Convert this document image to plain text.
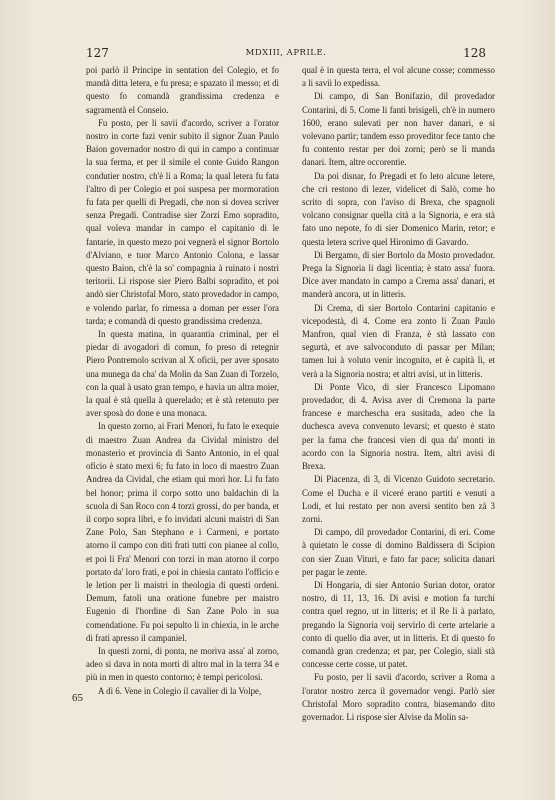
127	MDXIII, APRILE.	128

poi parlò il Principe in sentation del Colegio, et fo mandà ditta letera, e fu presa; e spazato il messo; et di questo fo comandà grandissima credenza e sagramentà el Conseio.

Fu posto, per li savii d'acordo, scriver a l'orator nostro in corte fazi venir subito il signor Zuan Paulo Baion governador nostro di qui in campo a continuar la sua ferma, et per il simile el conte Guido Rangon condutier nostro, ch'è li a Roma; la qual letera fu fata l'altro dì per Colegio et poi suspesa per mormoration fu fata per quelli di Pregadi, che non si dovea scriver senza Pregadi. Contradise sier Zorzi Emo sopradito, qual voleva mandar in campo el capitanio di le fantarie, in questo mezo poi vegnerà el signor Bortolo d'Alviano, e tuor Marco Antonio Colona, e lassar questo Baion, ch'è la so' compagnia à ruinato i nostri teritorii. Li rispose sier Piero Balbi sopradito, et poi andò sier Christofal Moro, stato provedador in campo, e volendo parlar, fo rimessa a doman per esser l'ora tarda; e comandà di questo grandissima credenza.

In questa matina, in quarantia criminal, per el piedar di avogadori di comun, fo preso di retegnir Piero Pontremolo scrivan al X oficii, per aver sposato una munega da cha' da Molin da San Zuan di Torzelo, con la qual à usato gran tempo, e havia un altra moier, la qual è stà quella à querelado; et è stà retenuto per aver sposà do done e una monaca.

In questo zorno, ai Frari Menori, fu fato le exequie di maestro Zuan Andrea da Cividal ministro del monasterio et provincia di Santo Antonio, in el qual oficio è stato mexi 6; fu fato in loco di maestro Zuan Andrea da Cividal, che etiam qui morì hor. Li fu fato bel honor; prima il corpo sotto uno baldachin di la scuola di San Roco con 4 torzi grossi, do per banda, et il corpo sopra libri, e fo invidati alcuni maistri di San Zane Polo, San Stephano e i Carmeni, e portato atorno il campo con diti frati tutti con pianee al collo, et poi li Fra' Menori con torzi in man atorno il corpo portato da' loro frati, e poi in chiesia cantato l'officio e le letion per li maistri in theologia di questi ordeni. Demum, fatoli una oratione funebre per maistro Eugenio di l'hordine di San Zane Polo in sua comendatione. Fu poi sepulto li in chiexia, in le arche di frati apresso il campaniel.

In questi zorni, di ponta, ne moriva assa' al zorno, adeo si dava in nota morti di altro mal in la terra 34 e più in men in questo contorno; è tempi pericolosi.

A dì 6. Vene in Colegio il cavalier di la Volpe,

65

qual è in questa terra, el vol alcune cosse; commesso a li savii lo expedissa.

Di campo, di San Bonifazio, dil provedador Contarini, di 5. Come li fanti brisigeli, ch'è in numero 1600, erano sulevati per non haver danari, e si volevano partir; tandem esso proveditor fece tanto che fu contento restar per doi zorni; però se li manda danari. Item, altre occorentie.

Da poi disnar, fo Pregadi et fo leto alcune letere, che cri restono di lezer, videlicet di Salò, come ho scrito di sopra, con l'aviso di Brexa, che spagnoli volcano consignar quella cità a la Signoria, e era stà fato uno nepote, fo di sier Domenico Marin, retor; e questa letera scrive quel Hironimo di Gavardo.

Di Bergamo, di sier Bortolo da Mosto provedador. Prega la Signoria li dagi licentia; è stato assa' fuora. Dice aver mandato in campo a Crema assa' danari, et manderà ancora, ut in litteris.

Di Crema, di sier Bortolo Contarini capitanio e vicepodestà, di 4. Come era zonto li Zuan Paulo Manfron, qual vien di Franza, è stà lassato con segurtà, et ave salvoconduto di passar per Milan; tamen lui à voluto venir incognito, et è capità lì, et verà a la Signoria nostra; et altri avisi, ut in litteris.

Di Ponte Vico, di sier Francesco Lipomano provedador, di 4. Avisa aver di Cremona la parte francese e marchescha era susitada, adeo che la duchesca aveva convenuto levarsi; et questo è stato per la fama che francesi vien di qua da' monti in acordo con la Signoria nostra. Item, altri avisi di Brexa.

Di Piacenza, di 3, di Vicenzo Guidoto secretario. Come el Ducha e il viceré erano partiti e venuti a Lodi, et lui restato per non aversi sentito ben zà 3 zorni.

Di campo, dil provedador Contarini, di eri. Come à quietato le cosse di domino Baldissera di Scipion con sier Zuan Vituri, e fato far pace; solicita danari per pagar le zente.

Di Hongaria, di sier Antonio Surian dotor, orator nostro, di 11, 13, 16. Di avisi e motion fa turchi contra quel regno, ut in litteris; et il Re li à parlato, pregando la Signoria voij servirlo di certe artelarie a conto di quello dia aver, ut in litteris. Et di questo fo comandà gran credenza; et par, per Colegio, siali stà concesse certe cosse, ut patet.

Fu posto, per li savii d'acordo, scriver a Roma a l'orator nostro zerca il governador vengi. Parlò sier Christofal Moro sopradito contra, biasemando dito governador. Li rispose sier Alvise da Molin sa-
